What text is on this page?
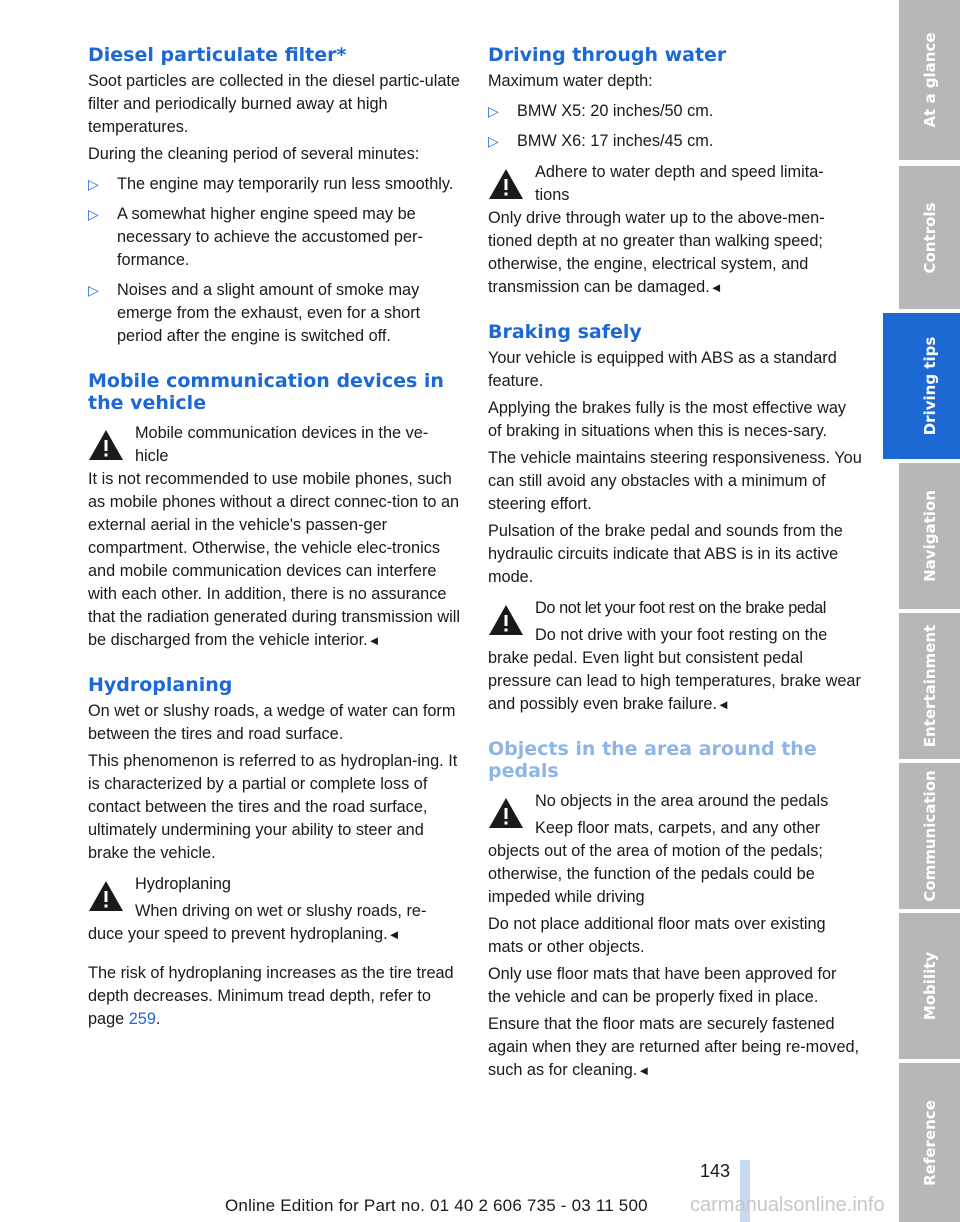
Diesel particulate filter*

Soot particles are collected in the diesel partic-ulate filter and periodically burned away at high temperatures.

During the cleaning period of several minutes:

▷ The engine may temporarily run less smoothly.
▷ A somewhat higher engine speed may be necessary to achieve the accustomed per-formance.
▷ Noises and a slight amount of smoke may emerge from the exhaust, even for a short period after the engine is switched off.
Mobile communication devices in the vehicle

Mobile communication devices in the ve-

hicle

It is not recommended to use mobile phones, such as mobile phones without a direct connec-tion to an external aerial in the vehicle's passen-ger compartment. Otherwise, the vehicle elec-tronics and mobile communication devices can interfere with each other. In addition, there is no assurance that the radiation generated during transmission will be discharged from the vehicle interior.◄

Hydroplaning

On wet or slushy roads, a wedge of water can form between the tires and road surface.

This phenomenon is referred to as hydroplan-ing. It is characterized by a partial or complete loss of contact between the tires and the road surface, ultimately undermining your ability to steer and brake the vehicle.

Hydroplaning

When driving on wet or slushy roads, re-

duce your speed to prevent hydroplaning.◄

The risk of hydroplaning increases as the tire tread depth decreases. Minimum tread depth, refer to page 259.

Driving through water

Maximum water depth:

▷ BMW X5: 20 inches/50 cm.
▷ BMW X6: 17 inches/45 cm.

Adhere to water depth and speed limita-

tions

Only drive through water up to the above-men-tioned depth at no greater than walking speed; otherwise, the engine, electrical system, and transmission can be damaged.◄

Braking safely

Your vehicle is equipped with ABS as a standard feature.

Applying the brakes fully is the most effective way of braking in situations when this is neces-sary.

The vehicle maintains steering responsiveness. You can still avoid any obstacles with a minimum of steering effort.

Pulsation of the brake pedal and sounds from the hydraulic circuits indicate that ABS is in its active mode.

Do not let your foot rest on the brake pedal

Do not drive with your foot resting on the

brake pedal. Even light but consistent pedal pressure can lead to high temperatures, brake wear and possibly even brake failure.◄

Objects in the area around the pedals

No objects in the area around the pedals

Keep floor mats, carpets, and any other

objects out of the area of motion of the pedals; otherwise, the function of the pedals could be impeded while driving

Do not place additional floor mats over existing mats or other objects.

Only use floor mats that have been approved for the vehicle and can be properly fixed in place.

Ensure that the floor mats are securely fastened again when they are returned after being re-moved, such as for cleaning.◄

At a glance
Controls
Driving tips
Navigation
Entertainment
Communication
Mobility
Reference
143
Online Edition for Part no. 01 40 2 606 735 - 03 11 500 carmanualsonline.info
